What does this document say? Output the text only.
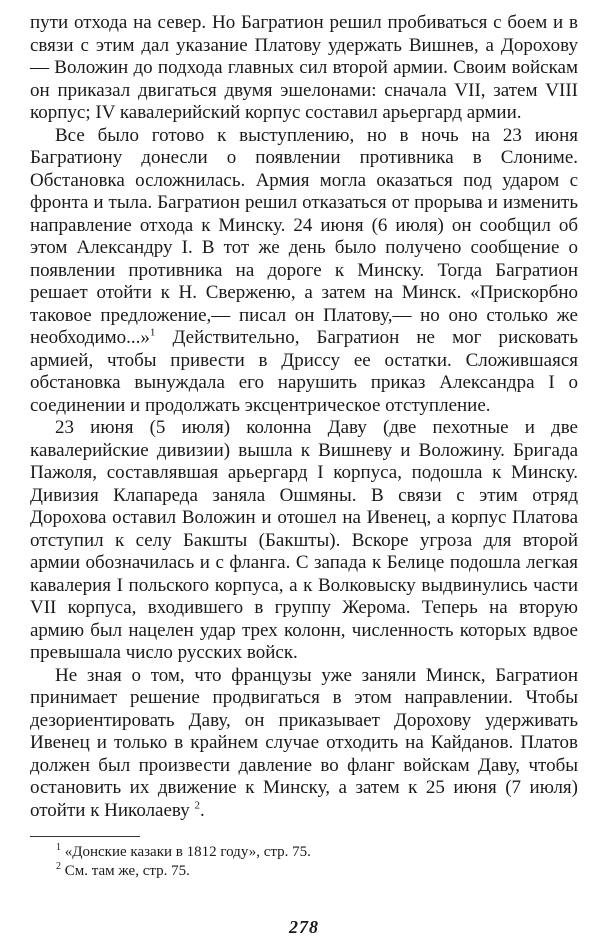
пути отхода на север. Но Багратион решил пробиваться с боем и в связи с этим дал указание Платову удержать Вишнев, а Дорохову — Воложин до подхода главных сил второй армии. Своим войскам он приказал двигаться двумя эшелонами: сначала VII, затем VIII корпус; IV кавалерийский корпус составил арьергард армии.

Все было готово к выступлению, но в ночь на 23 июня Багратиону донесли о появлении противника в Слониме. Обстановка осложнилась. Армия могла оказаться под ударом с фронта и тыла. Багратион решил отказаться от прорыва и изменить направление отхода к Минску. 24 июня (6 июля) он сообщил об этом Александру I. В тот же день было получено сообщение о появлении противника на дороге к Минску. Тогда Багратион решает отойти к Н. Сверженю, а затем на Минск. «Прискорбно таковое предложение,— писал он Платову,— но оно столько же необходимо...»$^1$ Действительно, Багратион не мог рисковать армией, чтобы привести в Дриссу ее остатки. Сложившаяся обстановка вынуждала его нарушить приказ Александра I о соединении и продолжать эксцентрическое отступление.

23 июня (5 июля) колонна Даву (две пехотные и две кавалерийские дивизии) вышла к Вишневу и Воложину. Бригада Пажоля, составлявшая арьергард I корпуса, подошла к Минску. Дивизия Клапареда заняла Ошмяны. В связи с этим отряд Дорохова оставил Воложин и отошел на Ивенец, а корпус Платова отступил к селу Бакшты (Бакшты). Вскоре угроза для второй армии обозначилась и с фланга. С запада к Белице подошла легкая кавалерия I польского корпуса, а к Волковыску выдвинулись части VII корпуса, входившего в группу Жерома. Теперь на вторую армию был нацелен удар трех колонн, численность которых вдвое превышала число русских войск.

Не зная о том, что французы уже заняли Минск, Багратион принимает решение продвигаться в этом направлении. Чтобы дезориентировать Даву, он приказывает Дорохову удерживать Ивенец и только в крайнем случае отходить на Кайданов. Платов должен был произвести давление во фланг войскам Даву, чтобы остановить их движение к Минску, а затем к 25 июня (7 июля) отойти к Николаеву $^2$.

$^1$ «Донские казаки в 1812 году», стр. 75.

$^2$ См. там же, стр. 75.

278
